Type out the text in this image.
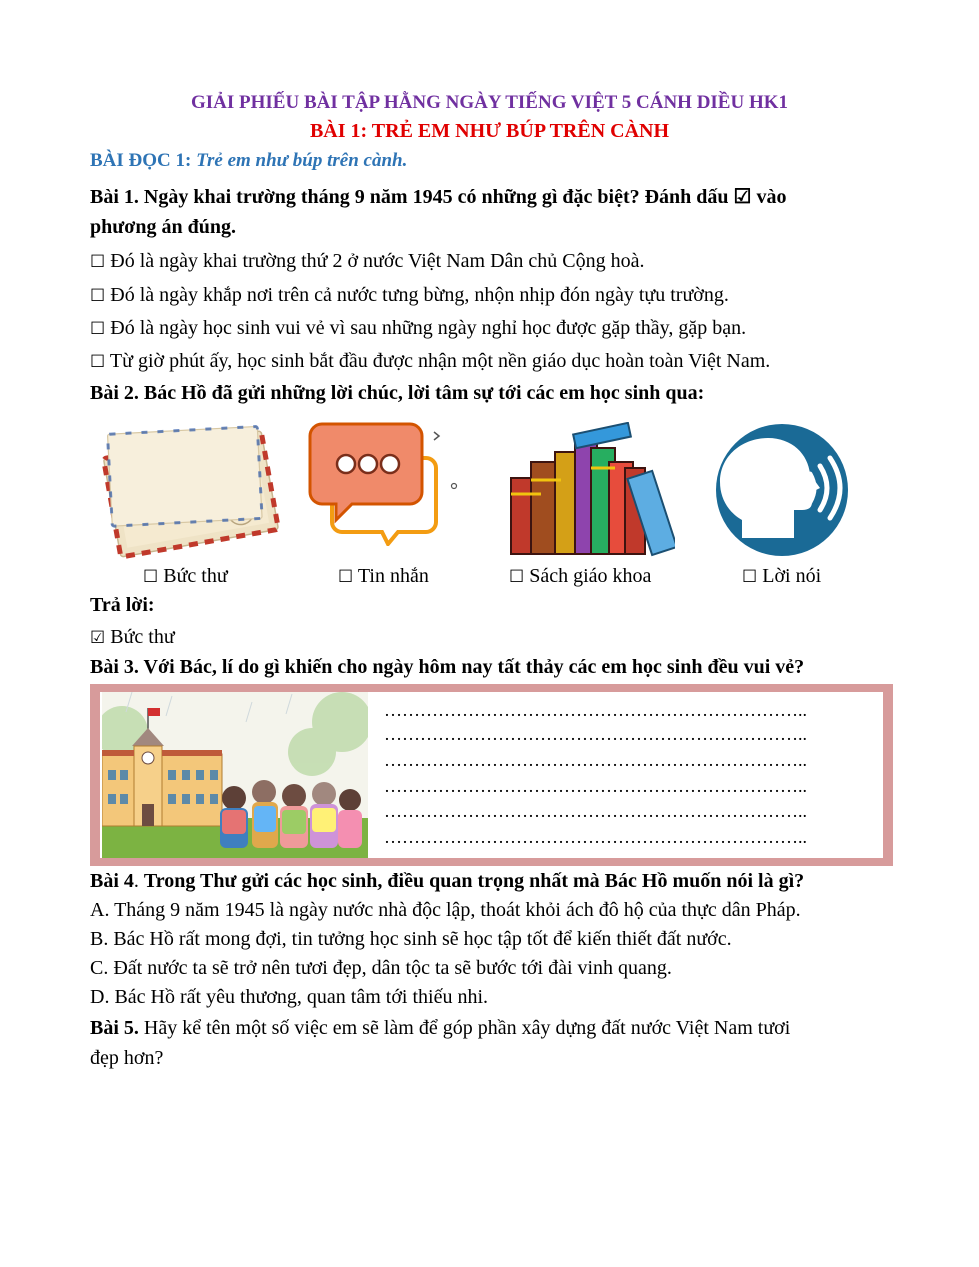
GIẢI PHIẾU BÀI TẬP HẰNG NGÀY TIẾNG VIỆT 5 CÁNH DIỀU HK1
BÀI 1: TRẺ EM NHƯ BÚP TRÊN CÀNH
BÀI ĐỌC 1: Trẻ em như búp trên cành.
Bài 1. Ngày khai trường tháng 9 năm 1945 có những gì đặc biệt? Đánh dấu ☑ vào
phương án đúng.
☐ Đó là ngày khai trường thứ 2 ở nước Việt Nam Dân chủ Cộng hoà.
☐ Đó là ngày khắp nơi trên cả nước tưng bừng, nhộn nhịp đón ngày tựu trường.
☐ Đó là ngày học sinh vui vẻ vì sau những ngày nghỉ học được gặp thầy, gặp bạn.
☐ Từ giờ phút ấy, học sinh bắt đầu được nhận một nền giáo dục hoàn toàn Việt Nam.
Bài 2. Bác Hồ đã gửi những lời chúc, lời tâm sự tới các em học sinh qua:
☐ Bức thư	☐ Tin nhắn	☐ Sách giáo khoa	☐ Lời nói
Trả lời:
☑ Bức thư
Bài 3. Với Bác, lí do gì khiến cho ngày hôm nay tất thảy các em học sinh đều vui vẻ?
……………………………………………………………..
……………………………………………………………..
……………………………………………………………..
……………………………………………………………..
……………………………………………………………..
……………………………………………………………..
Bài 4. Trong Thư gửi các học sinh, điều quan trọng nhất mà Bác Hồ muốn nói là gì?
A. Tháng 9 năm 1945 là ngày nước nhà độc lập, thoát khỏi ách đô hộ của thực dân Pháp.
B. Bác Hồ rất mong đợi, tin tưởng học sinh sẽ học tập tốt để kiến thiết đất nước.
C. Đất nước ta sẽ trở nên tươi đẹp, dân tộc ta sẽ bước tới đài vinh quang.
D. Bác Hồ rất yêu thương, quan tâm tới thiếu nhi.
Bài 5. Hãy kể tên một số việc em sẽ làm để góp phần xây dựng đất nước Việt Nam tươi
đẹp hơn?
